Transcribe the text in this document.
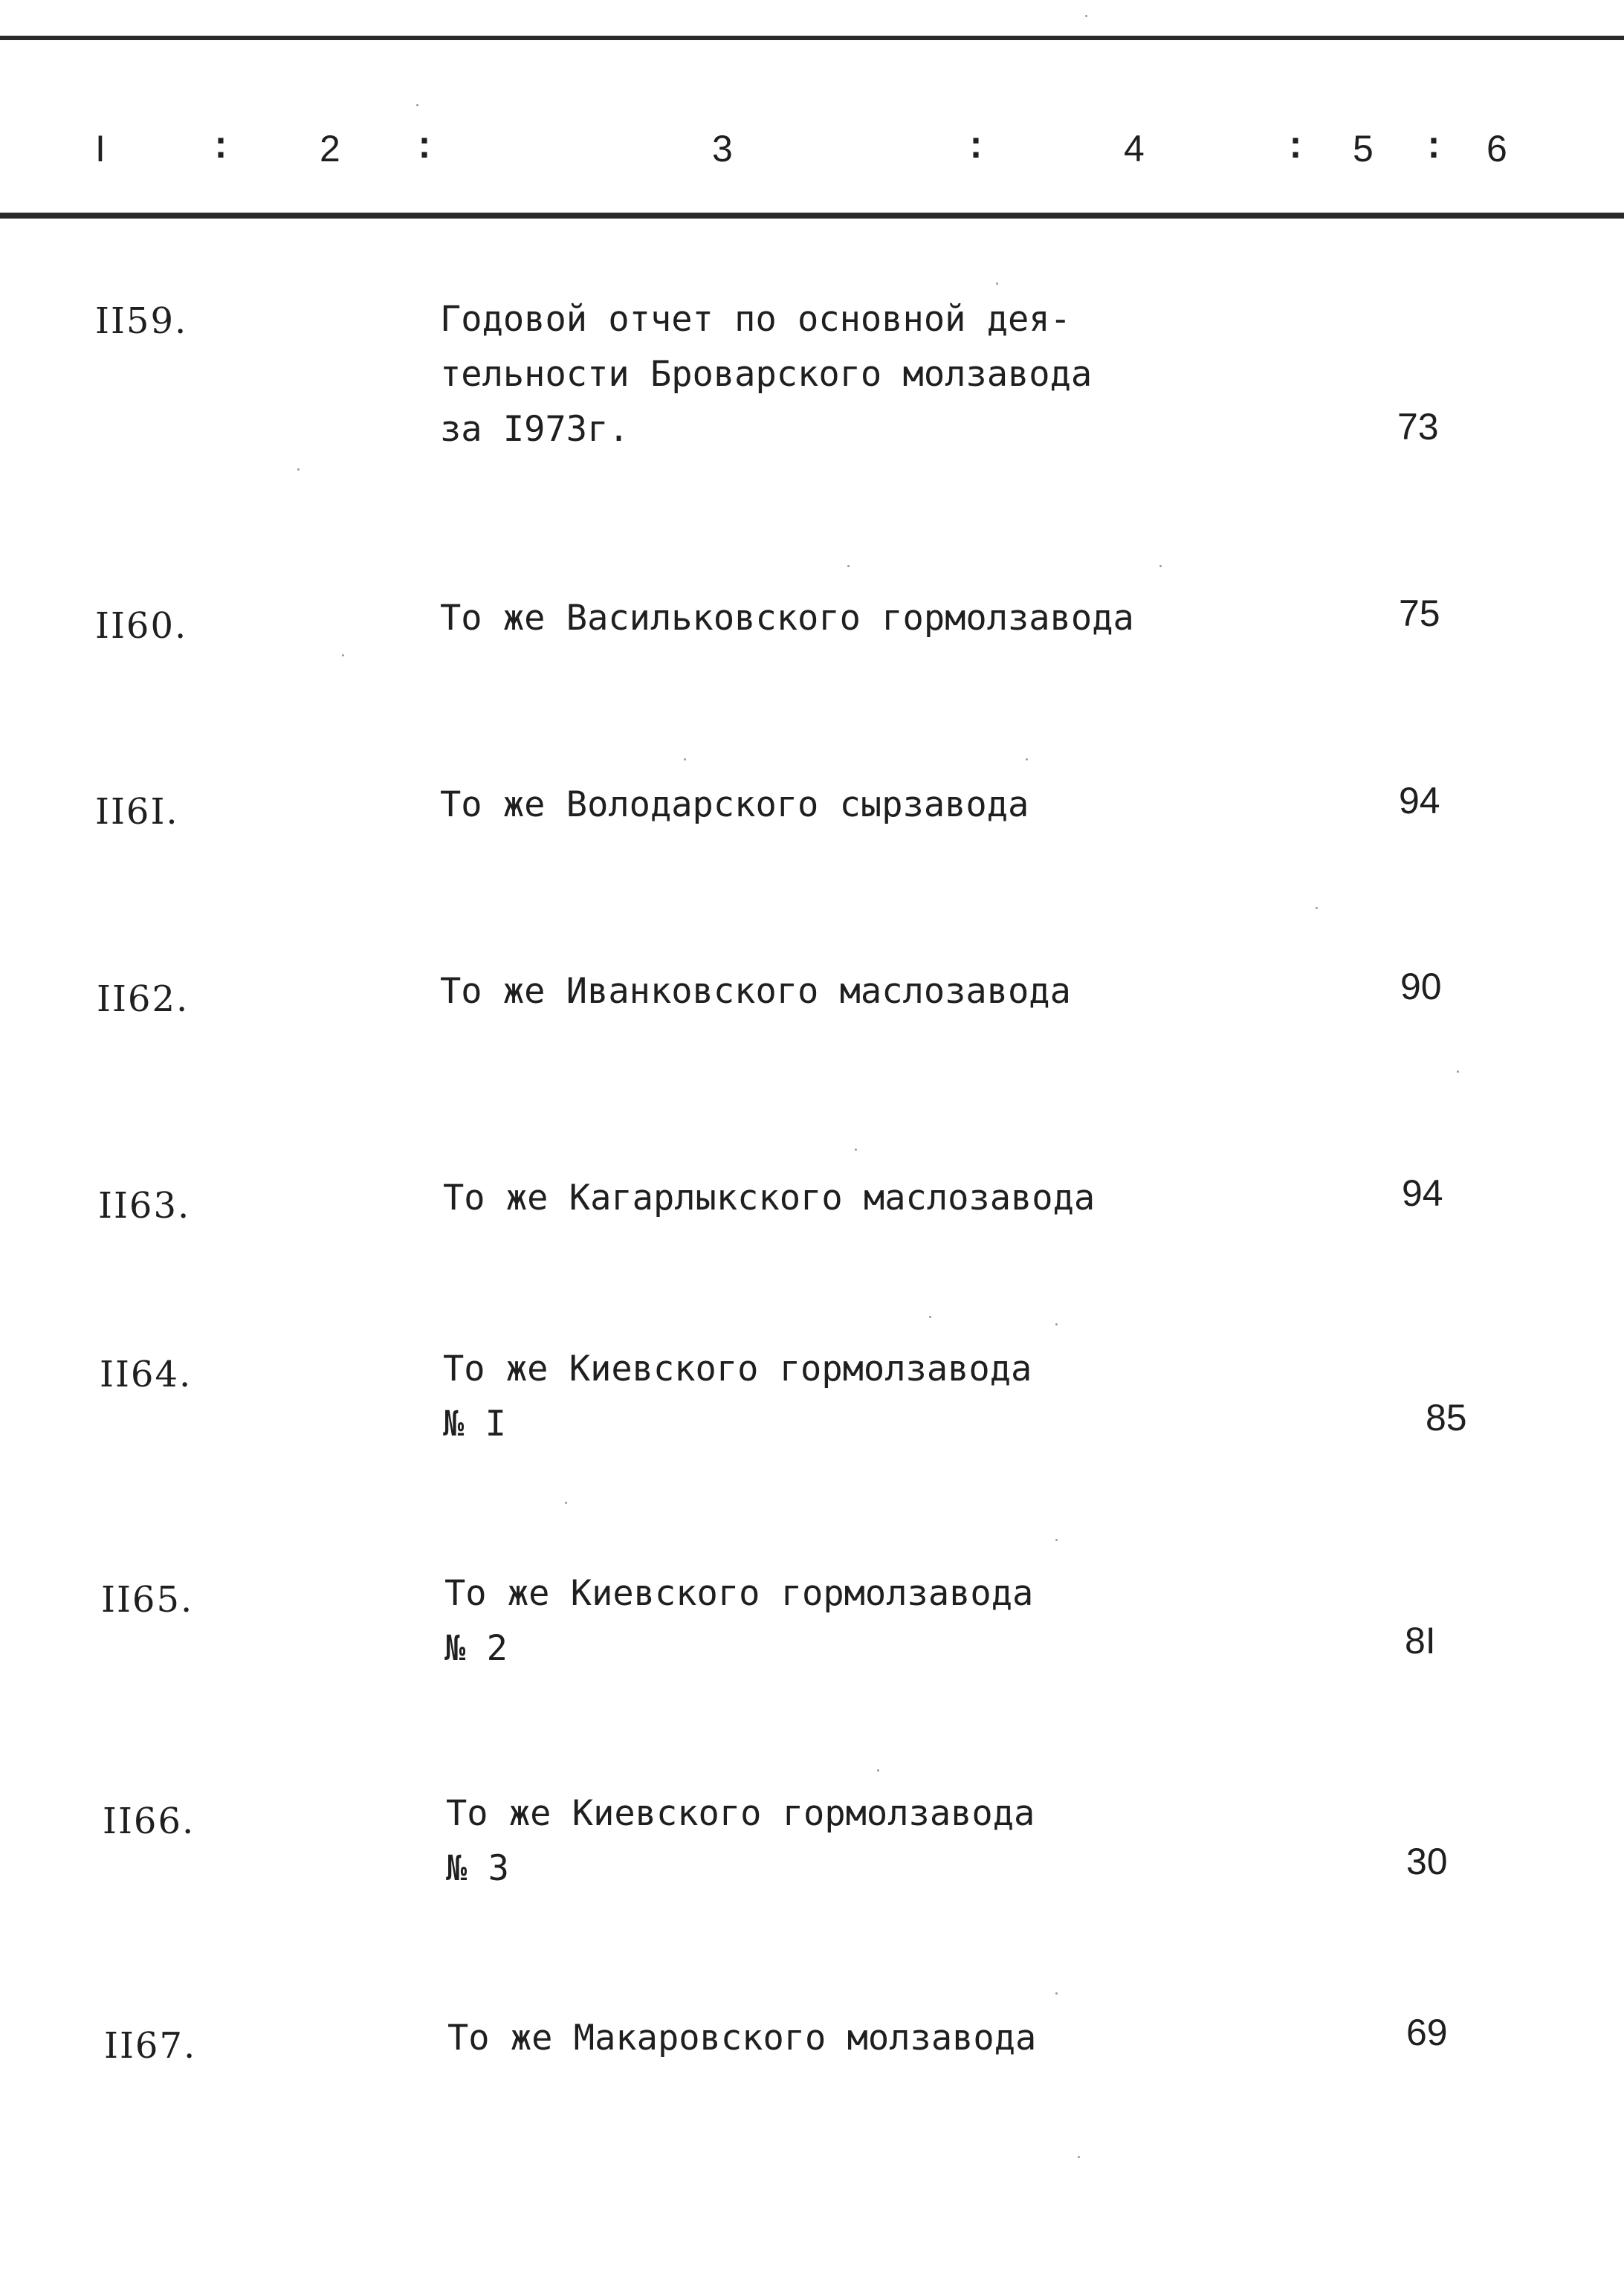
I	: 2 :	3	:	4	: 5 : 6
II59.	Годовой отчет по основной дея-
тельности Броварского молзавода
за I973г.	73
II60.	То же Васильковского гормолзавода	75
II6I.	То же Володарского сырзавода	94
II62.	То же Иванковского маслозавода	90
II63.	То же Кагарлыкского маслозавода	94
II64.	То же Киевского гормолзавода
№ I	85
II65.	То же Киевского гормолзавода
№ 2	8I
II66.	То же Киевского гормолзавода
№ 3	30
II67.	То же Макаровского молзавода	69
